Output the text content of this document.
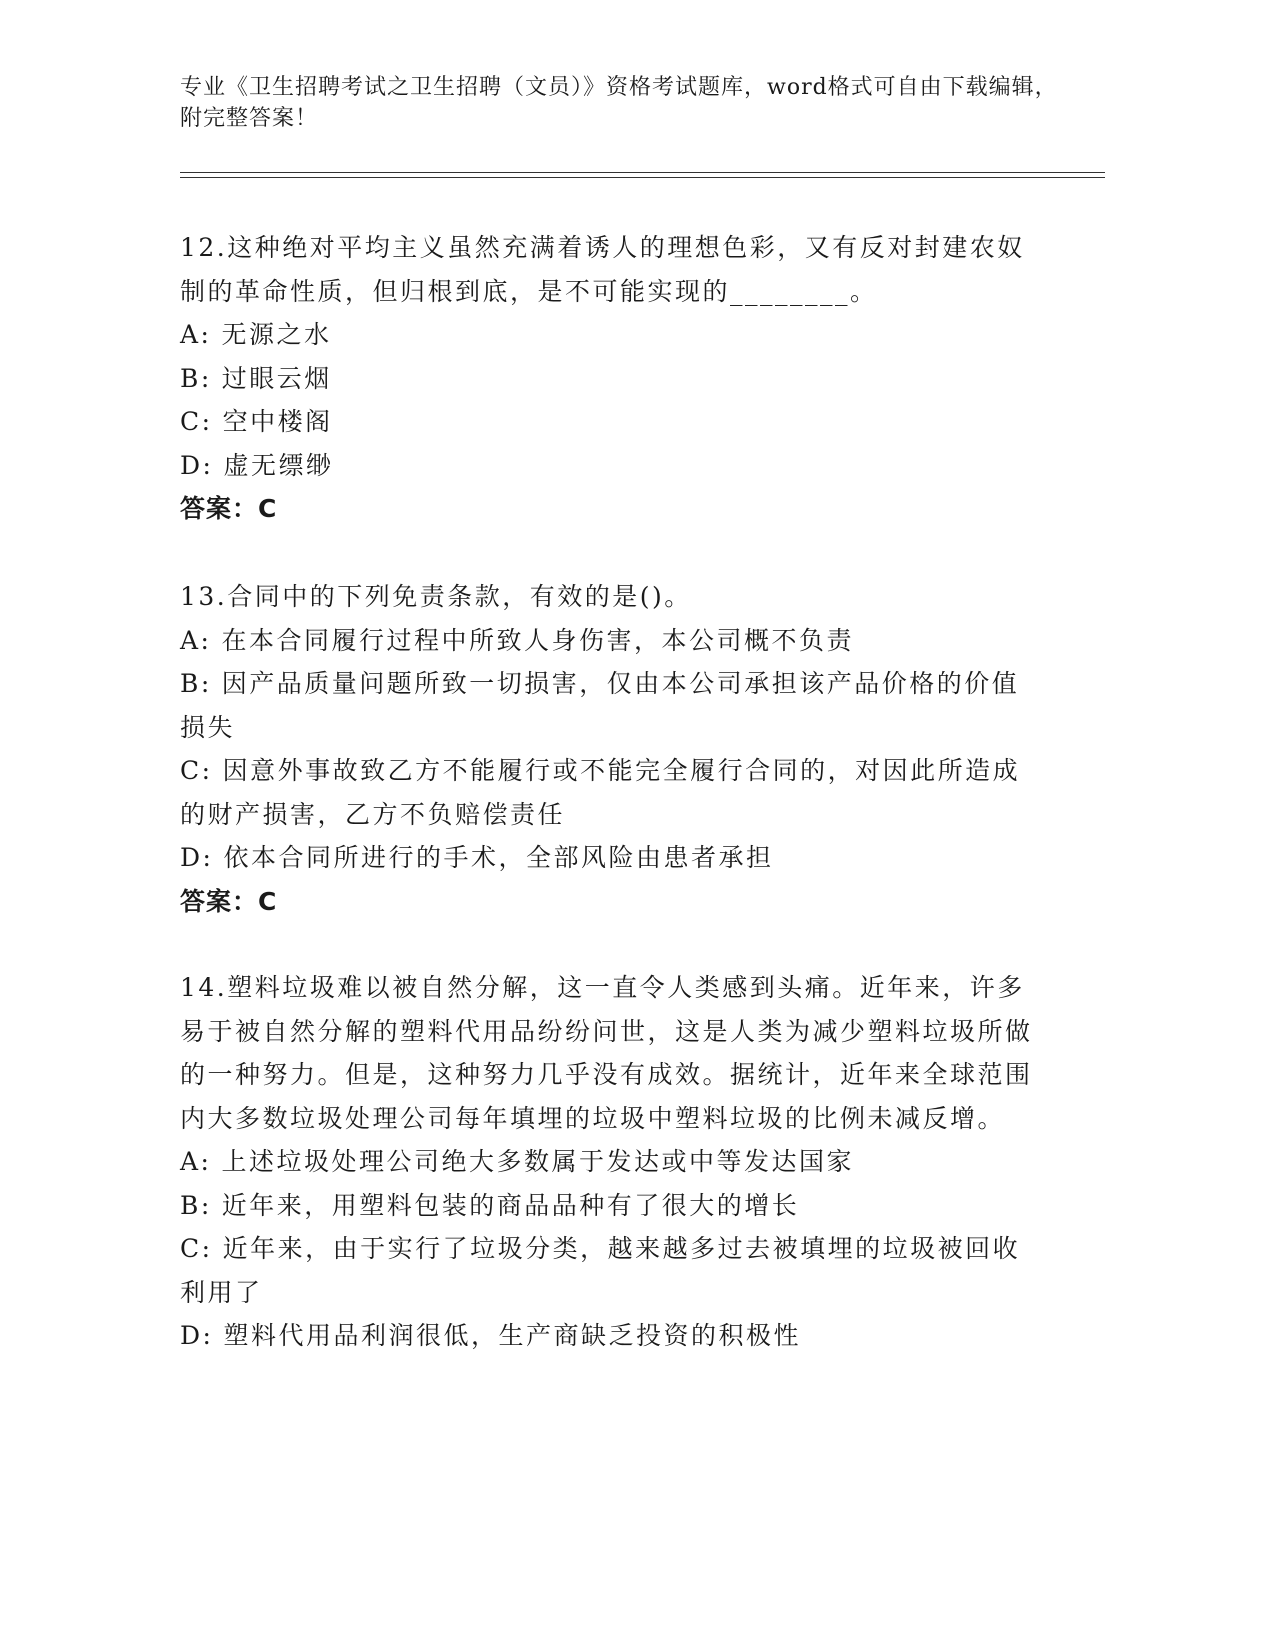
专业《卫生招聘考试之卫生招聘（文员）》资格考试题库，word格式可自由下载编辑，附完整答案！

12.这种绝对平均主义虽然充满着诱人的理想色彩，又有反对封建农奴制的革命性质，但归根到底，是不可能实现的________。

A: 无源之水

B: 过眼云烟

C: 空中楼阁

D: 虚无缥缈

答案：C

13.合同中的下列免责条款，有效的是()。

A: 在本合同履行过程中所致人身伤害，本公司概不负责

B: 因产品质量问题所致一切损害，仅由本公司承担该产品价格的价值损失

C: 因意外事故致乙方不能履行或不能完全履行合同的，对因此所造成的财产损害，乙方不负赔偿责任

D: 依本合同所进行的手术，全部风险由患者承担

答案：C

14.塑料垃圾难以被自然分解，这一直令人类感到头痛。近年来，许多易于被自然分解的塑料代用品纷纷问世，这是人类为减少塑料垃圾所做的一种努力。但是，这种努力几乎没有成效。据统计，近年来全球范围内大多数垃圾处理公司每年填埋的垃圾中塑料垃圾的比例未减反增。

A: 上述垃圾处理公司绝大多数属于发达或中等发达国家

B: 近年来，用塑料包装的商品品种有了很大的增长

C: 近年来，由于实行了垃圾分类，越来越多过去被填埋的垃圾被回收利用了

D: 塑料代用品利润很低，生产商缺乏投资的积极性
